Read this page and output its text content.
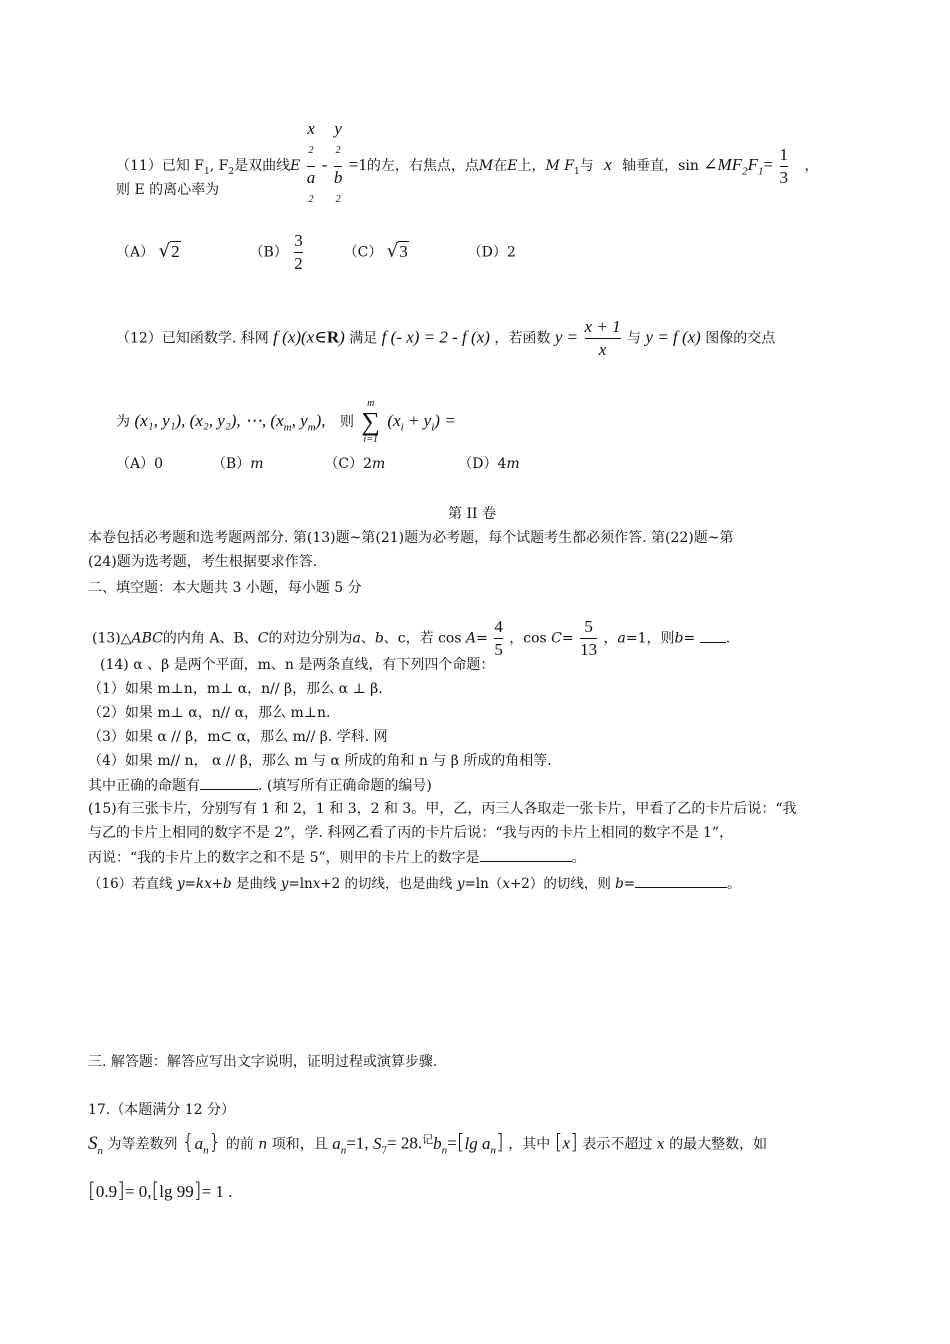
（11）已知 $F_1$, $F_2$是双曲线E x
$^2$
a
$^2$ - y
$^2$
b
$^2$ =1的左，右焦点，点M在E上，M $F_1$与 x 轴垂直，$\sin \angle MF_2F_1= \frac{1}{3}$ ，
则 E 的离心率为
（A） √2	$(B) \frac{3}{2}$	（C） √3	（D）2
（12）已知函数学. 科网 f (x)(x∈R) 满足 f (- x) = 2 - f (x) ，若函数 $y = \frac{x + 1}{x}$ 与 y = f (x) 图像的交点
为 (x₁, y₁), (x₂, y₂), ⋯, ($x_m$, $y_m$), 则
m
∑
i=1
$(x_i + y_i)$ =
（A）0	（B）m	（C）2m	（D）4m
第 II 卷
本卷包括必考题和选考题两部分. 第(13)题~第(21)题为必考题，每个试题考生都必须作答. 第(22)题~第
(24)题为选考题，考生根据要求作答.
二、填空题：本大题共 3 小题，每小题 5 分
(13)△ABC的内角 A、B、C的对边分别为a、b、c，若 $\cos A= \frac{4}{5}$ ，$\cos C= \frac{5}{13}$ ，a=1，则b= .
(14) α 、β 是两个平面，m、n 是两条直线，有下列四个命题：
（1）如果 m⊥n，m⊥ α，n// β，那么 α ⊥ β.
（2）如果 m⊥ α，n// α，那么 m⊥n.
（3）如果 α // β，m⊂ α，那么 m// β. 学科. 网
（4）如果 m// n， α // β，那么 m 与 α 所成的角和 n 与 β 所成的角相等.
其中正确的命题有	. (填写所有正确命题的编号)
(15)有三张卡片，分别写有 1 和 2，1 和 3，2 和 3。甲，乙，丙三人各取走一张卡片，甲看了乙的卡片后说：“我
与乙的卡片上相同的数字不是 2”，学. 科网乙看了丙的卡片后说：“我与丙的卡片上相同的数字不是 1”，
丙说：“我的卡片上的数字之和不是 5”，则甲的卡片上的数字是	。
（16）若直线 y=kx+b 是曲线 y=lnx+2 的切线，也是曲线 y=ln（x+2）的切线，则 b=	。
三. 解答题：解答应写出文字说明，证明过程或演算步骤.
17.（本题满分 12 分）
$S_n$ 为等差数列 $\{a_n\}$ 的前 n 项和，且 $a_n=1$, $S_7= 28.^记b_n=[\lg$ $a_n$] ，其中 [x] 表示不超过 x 的最大整数，如
[0.9]= 0,[lg 99]= 1 .
